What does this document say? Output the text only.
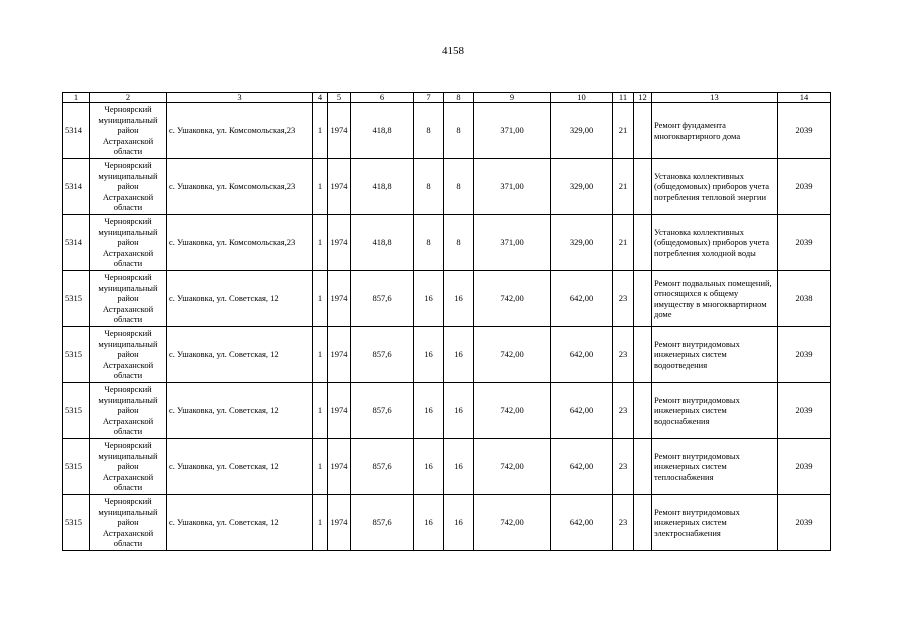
4158
1	2	3	4	5	6	7	8	9	10	11	12	13	14
5314	Черноярский муниципальный район Астраханской области	с. Ушаковка, ул. Комсомольская,23	1	1974	418,8	8	8	371,00	329,00	21		Ремонт фундамента многоквартирного дома	2039
5314	Черноярский муниципальный район Астраханской области	с. Ушаковка, ул. Комсомольская,23	1	1974	418,8	8	8	371,00	329,00	21		Установка коллективных (общедомовых) приборов учета потребления тепловой энергии	2039
5314	Черноярский муниципальный район Астраханской области	с. Ушаковка, ул. Комсомольская,23	1	1974	418,8	8	8	371,00	329,00	21		Установка коллективных (общедомовых) приборов учета потребления холодной воды	2039
5315	Черноярский муниципальный район Астраханской области	с. Ушаковка, ул. Советская, 12	1	1974	857,6	16	16	742,00	642,00	23		Ремонт подвальных помещений, относящихся к общему имуществу в многоквартирном доме	2038
5315	Черноярский муниципальный район Астраханской области	с. Ушаковка, ул. Советская, 12	1	1974	857,6	16	16	742,00	642,00	23		Ремонт внутридомовых инженерных систем водоотведения	2039
5315	Черноярский муниципальный район Астраханской области	с. Ушаковка, ул. Советская, 12	1	1974	857,6	16	16	742,00	642,00	23		Ремонт внутридомовых инженерных систем водоснабжения	2039
5315	Черноярский муниципальный район Астраханской области	с. Ушаковка, ул. Советская, 12	1	1974	857,6	16	16	742,00	642,00	23		Ремонт внутридомовых инженерных систем теплоснабжения	2039
5315	Черноярский муниципальный район Астраханской области	с. Ушаковка, ул. Советская, 12	1	1974	857,6	16	16	742,00	642,00	23		Ремонт внутридомовых инженерных систем электроснабжения	2039
